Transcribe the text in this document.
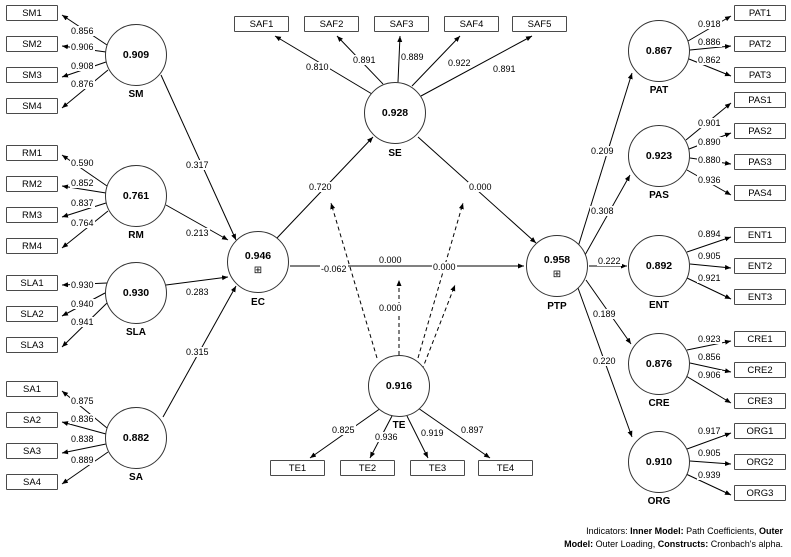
SM1
SM2
SM3
SM4
RM1
RM2
RM3
RM4
SLA1
SLA2
SLA3
SA1
SA2
SA3
SA4
SAF1	SAF2	SAF3	SAF4	SAF5
TE1	TE2	TE3	TE4
PAT1
PAT2
PAT3
PAS1
PAS2
PAS3
PAS4
ENT1
ENT2
ENT3
CRE1
CRE2
CRE3
ORG1
ORG2
ORG3
0.909
SM
0.761
RM
0.930
SLA
0.882
SA
0.946
⊞
EC
0.928
SE
0.916
TE
0.958
⊞
PTP
0.867
PAT
0.923
PAS
0.892
ENT
0.876
CRE
0.910
ORG
0.856
0.906
0.908
0.876
0.590
0.852
0.837
0.764
0.930
0.940
0.941
0.875
0.836
0.838
0.889
0.810
0.891	0.889
0.922
0.891
0.825
0.936	0.919 0.897
0.918
0.886
0.862
0.901
0.890
0.880
0.936
0.894
0.905
0.921
0.923
0.856
0.906
0.917
0.905
0.939
0.317
0.213
0.283
0.315
0.720	0.000
-0.062
0.000
0.000
0.000
0.209
0.308
0.222
0.189
0.220
Indicators: Inner Model: Path Coefficients, Outer
Model: Outer Loading, Constructs: Cronbach's alpha.
